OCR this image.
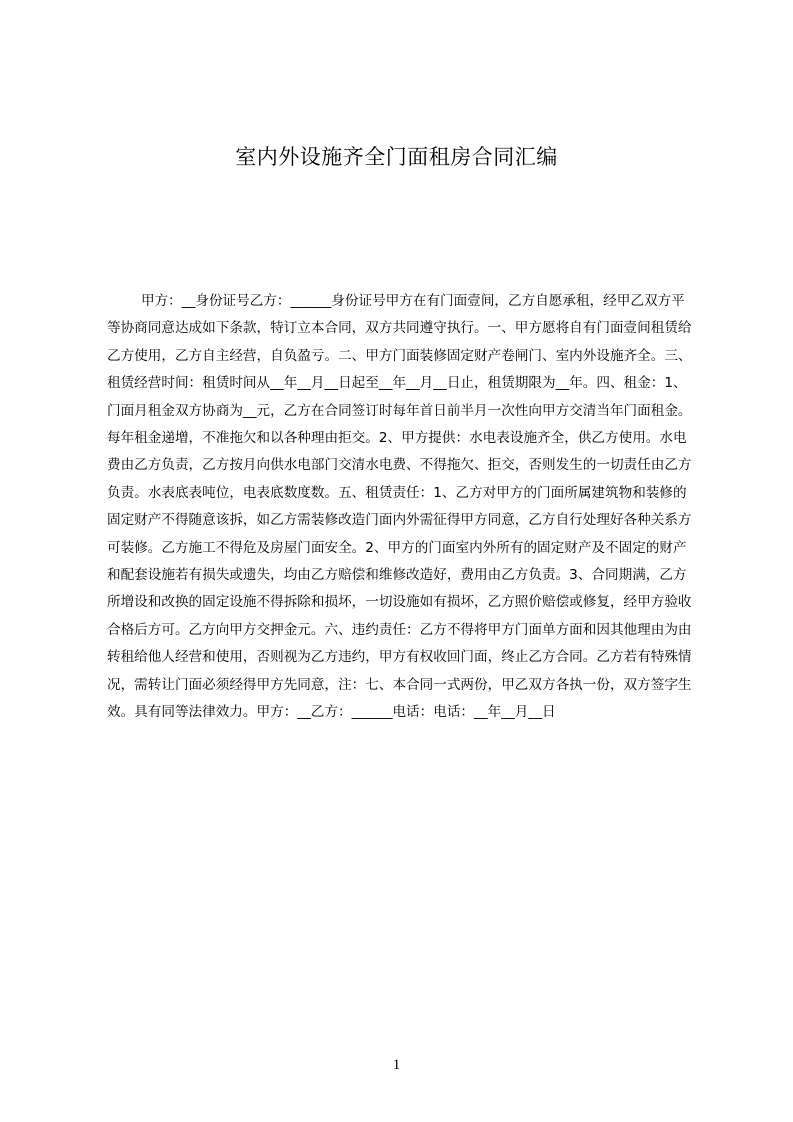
室内外设施齐全门面租房合同汇编

甲方：__身份证号乙方：______身份证号甲方在有门面壹间，乙方自愿承租，经甲乙双方平等协商同意达成如下条款，特订立本合同，双方共同遵守执行。一、甲方愿将自有门面壹间租赁给乙方使用，乙方自主经营，自负盈亏。二、甲方门面装修固定财产卷闸门、室内外设施齐全。三、租赁经营时间：租赁时间从__年__月__日起至__年__月__日止，租赁期限为__年。四、租金：1、门面月租金双方协商为__元，乙方在合同签订时每年首日前半月一次性向甲方交清当年门面租金。每年租金递增，不准拖欠和以各种理由拒交。2、甲方提供：水电表设施齐全，供乙方使用。水电费由乙方负责，乙方按月向供水电部门交清水电费、不得拖欠、拒交，否则发生的一切责任由乙方负责。水表底表吨位，电表底数度数。五、租赁责任：1、乙方对甲方的门面所属建筑物和装修的固定财产不得随意该拆，如乙方需装修改造门面内外需征得甲方同意，乙方自行处理好各种关系方可装修。乙方施工不得危及房屋门面安全。2、甲方的门面室内外所有的固定财产及不固定的财产和配套设施若有损失或遗失，均由乙方赔偿和维修改造好，费用由乙方负责。3、合同期满，乙方所增设和改换的固定设施不得拆除和损坏，一切设施如有损坏，乙方照价赔偿或修复，经甲方验收合格后方可。乙方向甲方交押金元。六、违约责任：乙方不得将甲方门面单方面和因其他理由为由转租给他人经营和使用，否则视为乙方违约，甲方有权收回门面，终止乙方合同。乙方若有特殊情况，需转让门面必须经得甲方先同意，注：七、本合同一式两份，甲乙双方各执一份，双方签字生效。具有同等法律效力。甲方：__乙方：______电话：电话：__年__月__日

1
